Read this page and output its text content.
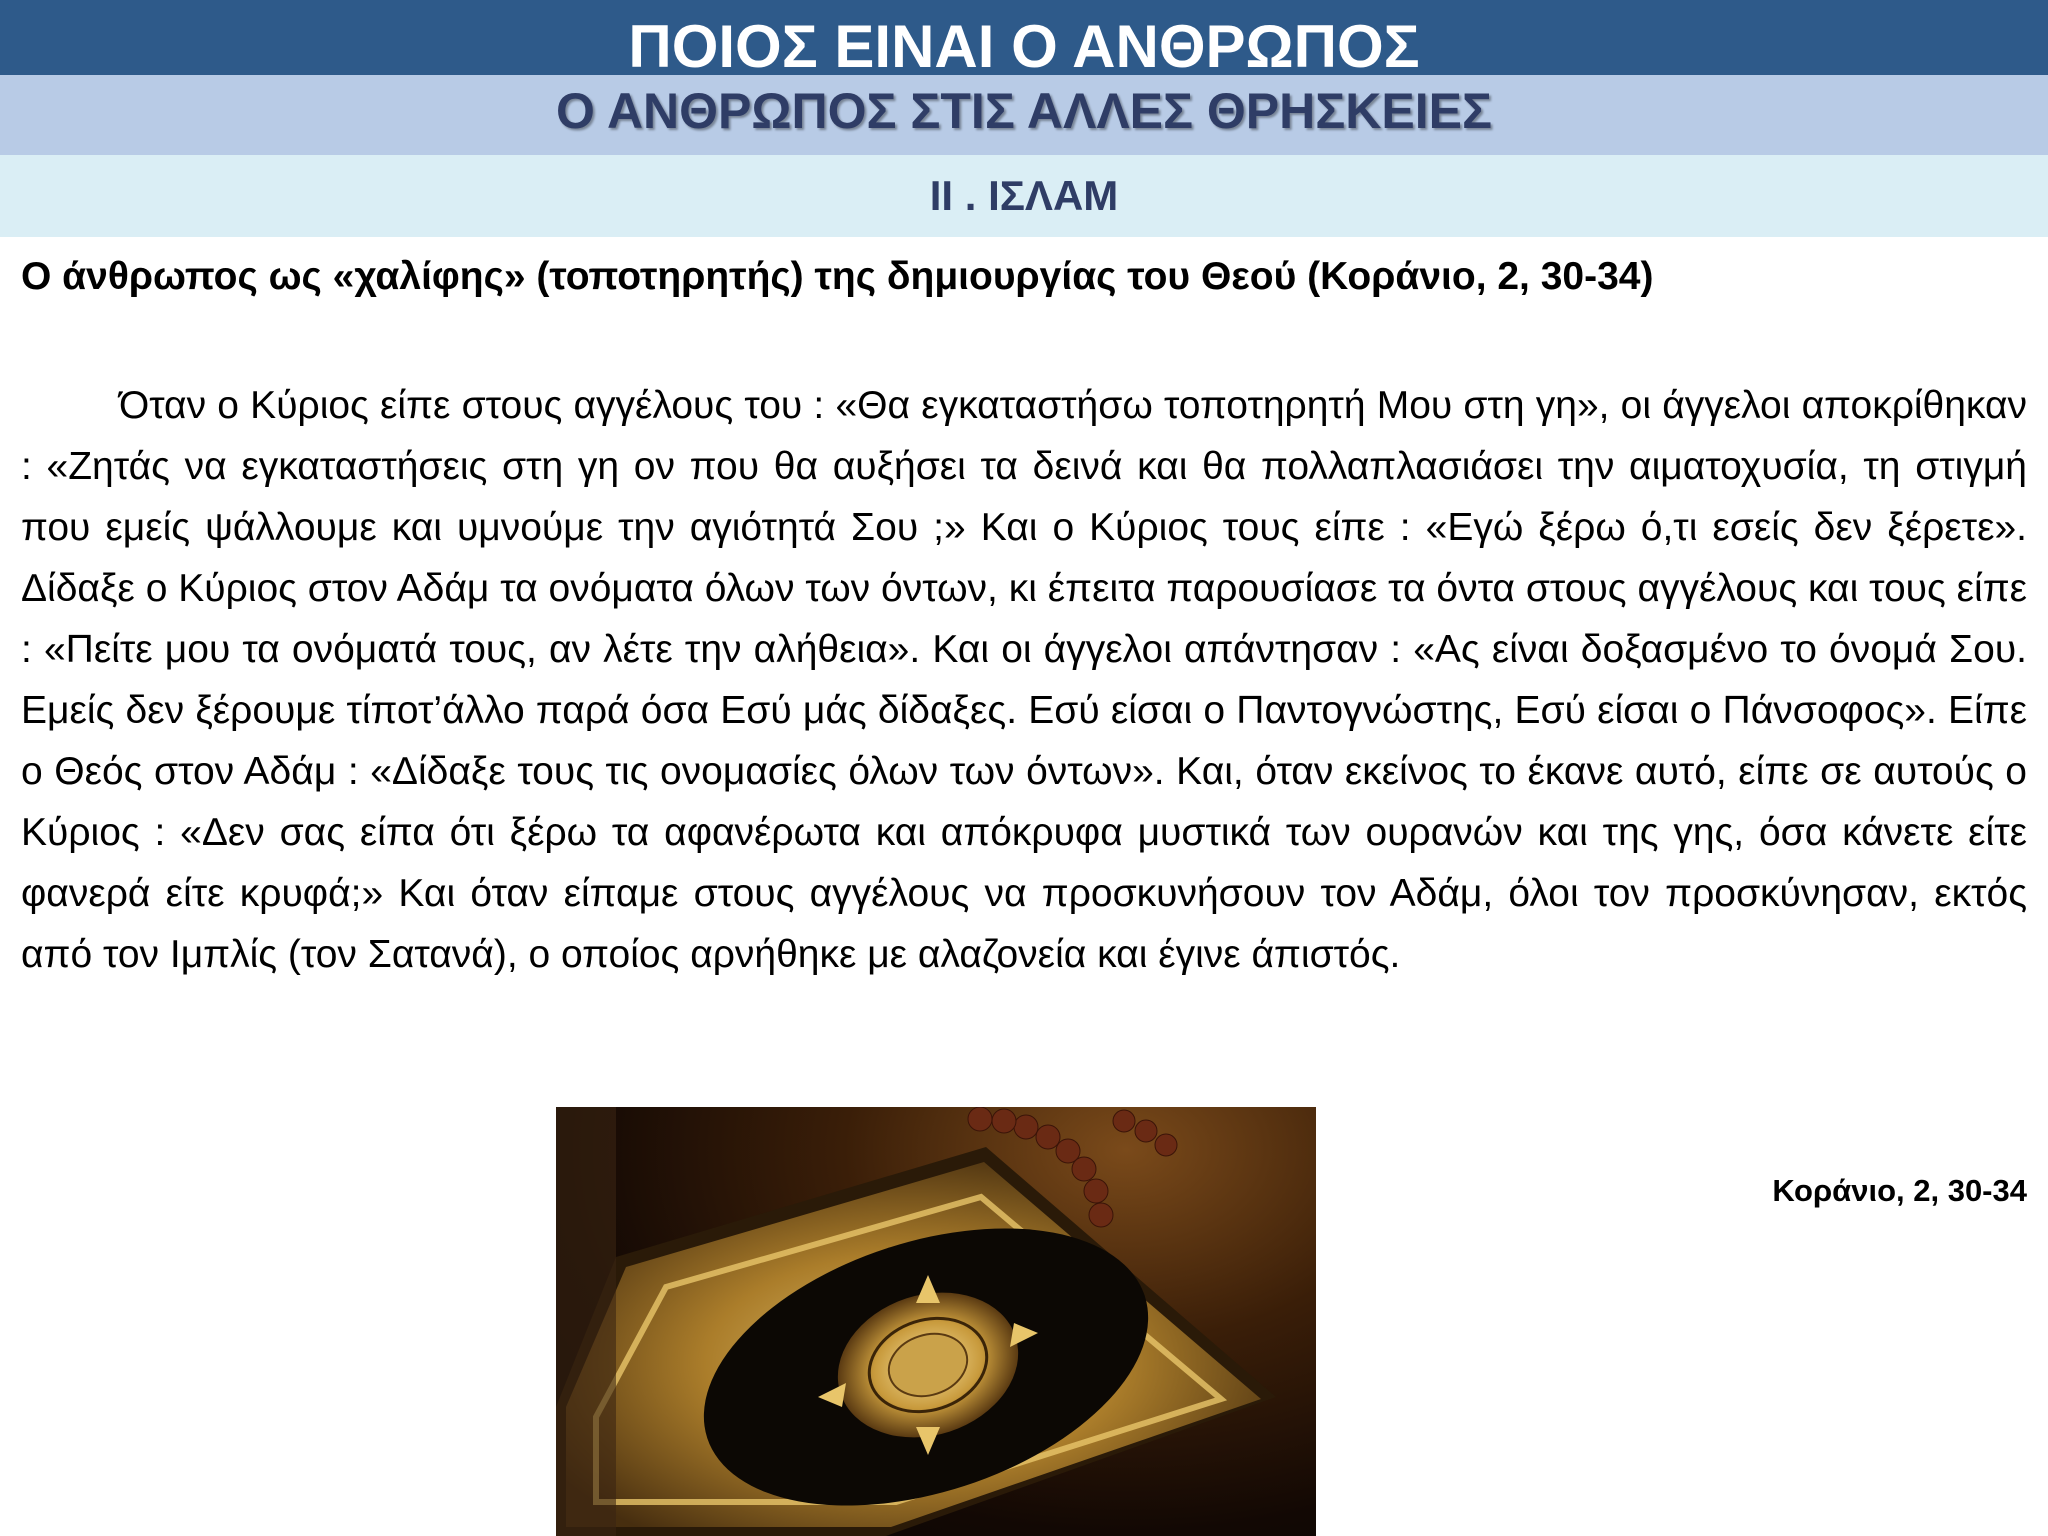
ΠΟΙΟΣ ΕΙΝΑΙ Ο ΑΝΘΡΩΠΟΣ
Ο ΑΝΘΡΩΠΟΣ ΣΤΙΣ ΑΛΛΕΣ ΘΡΗΣΚΕΙΕΣ
ΙΙ . ΙΣΛΑΜ
Ο άνθρωπος ως «χαλίφης» (τοποτηρητής) της δημιουργίας του Θεού (Κοράνιο, 2, 30-34)

Όταν ο Κύριος είπε στους αγγέλους του : «Θα εγκαταστήσω τοποτηρητή Μου στη γη», οι άγγελοι αποκρίθηκαν : «Ζητάς να εγκαταστήσεις στη γη ον που θα αυξήσει τα δεινά και θα πολλαπλασιάσει την αιματοχυσία, τη στιγμή που εμείς ψάλλουμε και υμνούμε την αγιότητά Σου ;» Και ο Κύριος τους είπε : «Εγώ ξέρω ό,τι εσείς δεν ξέρετε». Δίδαξε ο Κύριος στον Αδάμ τα ονόματα όλων των όντων, κι έπειτα παρουσίασε τα όντα στους αγγέλους και τους είπε : «Πείτε μου τα ονόματά τους, αν λέτε την αλήθεια». Και οι άγγελοι απάντησαν : «Ας είναι δοξασμένο το όνομά Σου. Εμείς δεν ξέρουμε τίποτ’άλλο παρά όσα Εσύ μάς δίδαξες. Εσύ είσαι ο Παντογνώστης, Εσύ είσαι ο Πάνσοφος». Είπε ο Θεός στον Αδάμ : «Δίδαξε τους τις ονομασίες όλων των όντων». Και, όταν εκείνος το έκανε αυτό, είπε σε αυτούς ο Κύριος : «Δεν σας είπα ότι ξέρω τα αφανέρωτα και απόκρυφα μυστικά των ουρανών και της γης, όσα κάνετε είτε φανερά είτε κρυφά;» Και όταν είπαμε στους αγγέλους να προσκυνήσουν τον Αδάμ, όλοι τον προσκύνησαν, εκτός από τον Ιμπλίς (τον Σατανά), ο οποίος αρνήθηκε με αλαζονεία και έγινε άπιστός.

Κοράνιο, 2, 30-34
